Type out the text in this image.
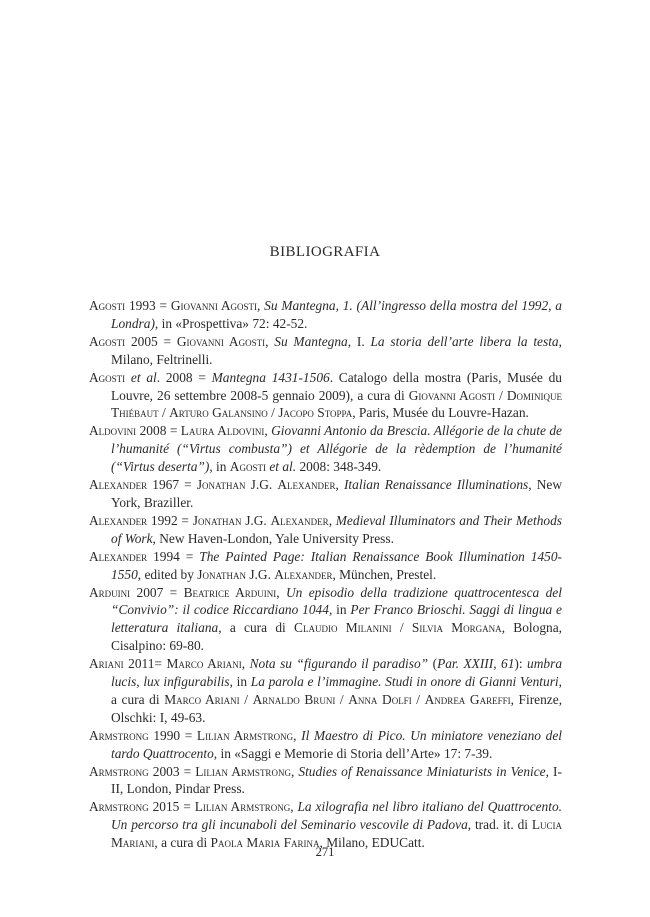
BIBLIOGRAFIA
Agosti 1993 = Giovanni Agosti, Su Mantegna, 1. (All’ingresso della mostra del 1992, a Londra), in «Prospettiva» 72: 42-52.
Agosti 2005 = Giovanni Agosti, Su Mantegna, I. La storia dell’arte libera la testa, Milano, Feltrinelli.
Agosti et al. 2008 = Mantegna 1431-1506. Catalogo della mostra (Paris, Musée du Louvre, 26 settembre 2008-5 gennaio 2009), a cura di Giovanni Agosti / Dominique Thiébaut / Arturo Galansino / Jacopo Stoppa, Paris, Musée du Louvre-Hazan.
Aldovini 2008 = Laura Aldovini, Giovanni Antonio da Brescia. Allégorie de la chute de l’humanité (“Virtus combusta”) et Allégorie de la rèdemption de l’humanité (“Virtus deserta”), in Agosti et al. 2008: 348-349.
Alexander 1967 = Jonathan J.G. Alexander, Italian Renaissance Illuminations, New York, Braziller.
Alexander 1992 = Jonathan J.G. Alexander, Medieval Illuminators and Their Methods of Work, New Haven-London, Yale University Press.
Alexander 1994 = The Painted Page: Italian Renaissance Book Illumination 1450-1550, edited by Jonathan J.G. Alexander, München, Prestel.
Arduini 2007 = Beatrice Arduini, Un episodio della tradizione quattrocentesca del “Convivio”: il codice Riccardiano 1044, in Per Franco Brioschi. Saggi di lingua e letteratura italiana, a cura di Claudio Milanini / Silvia Morgana, Bologna, Cisalpino: 69-80.
Ariani 2011= Marco Ariani, Nota su “figurando il paradiso” (Par. XXIII, 61): umbra lucis, lux infigurabilis, in La parola e l’immagine. Studi in onore di Gianni Venturi, a cura di Marco Ariani / Arnaldo Bruni / Anna Dolfi / Andrea Gareffi, Firenze, Olschki: I, 49-63.
Armstrong 1990 = Lilian Armstrong, Il Maestro di Pico. Un miniatore veneziano del tardo Quattrocento, in «Saggi e Memorie di Storia dell’Arte» 17: 7-39.
Armstrong 2003 = Lilian Armstrong, Studies of Renaissance Miniaturists in Venice, I-II, London, Pindar Press.
Armstrong 2015 = Lilian Armstrong, La xilografia nel libro italiano del Quattrocento. Un percorso tra gli incunaboli del Seminario vescovile di Padova, trad. it. di Lucia Mariani, a cura di Paola Maria Farina, Milano, EDUCatt.
271
